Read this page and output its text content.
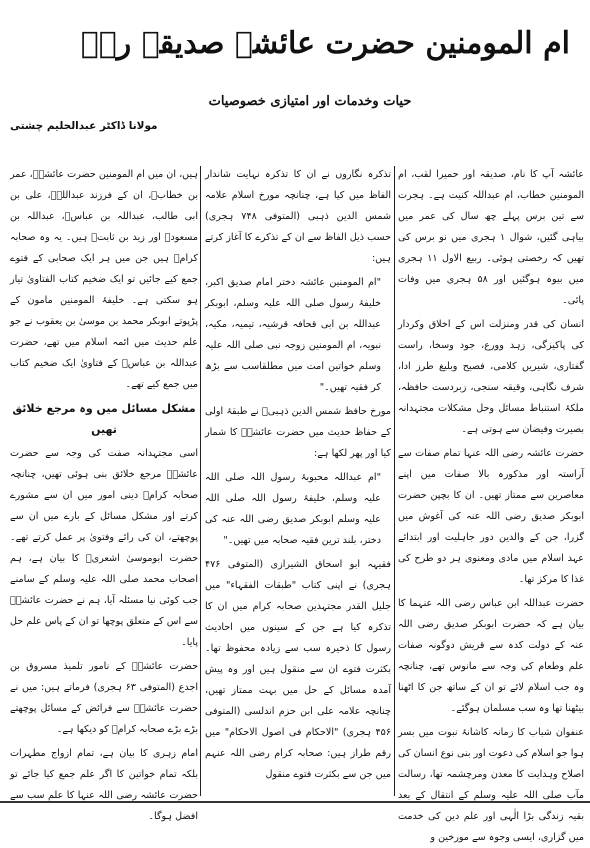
ام المومنین حضرت عائشہ صدیقہ رضؓ
حیات وخدمات اور امتیازی خصوصیات
مولانا ڈاکٹر عبدالحلیم چشتی

عائشہ آپ کا نام، صدیقہ اور حمیرا لقب، ام المومنین خطاب، ام عبداللہ کنیت ہے۔ ہجرت سے تین برس پہلے چھ سال کی عمر میں بیاہی گئیں، شوال ۱ ہجری میں نو برس کی تھیں کہ رخصتی ہوئی۔ ربیع الاول ۱۱ ہجری میں بیوہ ہوگئیں اور ۵۸ ہجری میں وفات پائی۔

انسان کی قدر ومنزلت اس کے اخلاق وکردار کی پاکیزگی، زہد وورع، جود وسخا، راست گفتاری، شیریں کلامی، فصیح وبلیغ طرز ادا، شرف نگاہی، وقیقہ سنجی، زبردست حافظہ، ملکۂ استنباط مسائل وحل مشکلات مجتہدانہ بصیرت وفیضان سے ہوتی ہے۔

حضرت عائشہ رضی اللہ عنہا تمام صفات سے آراستہ اور مذکورہ بالا صفات میں اپنے معاصرین سے ممتاز تھیں۔ ان کا بچپن حضرت ابوبکر صدیق رضی اللہ عنہ کی آغوش میں گزرا، جن کے والدین دور جاہلیت اور ابتدائے عہد اسلام میں مادی ومعنوی ہر دو طرح کی غذا کا مرکز تھا۔

حضرت عبداللہ ابن عباس رضی اللہ عنہما کا بیان ہے کہ حضرت ابوبکر صدیق رضی اللہ عنہ کے دولت کدہ سے قریش دوگونہ صفات علم وطعام کی وجہ سے مانوس تھے، چنانچہ وہ جب اسلام لائے تو ان کے ساتھ جن کا اٹھنا بیٹھنا تھا وہ سب مسلمان ہوگئے۔

عنفوان شباب کا زمانہ کاشانۂ نبوت میں بسر ہوا جو اسلام کی دعوت اور بنی نوع انسان کی اصلاح وہدایت کا معدن ومرچشمہ تھا، رسالت مآب صلی اللہ علیہ وسلم کے انتقال کے بعد بقیہ زندگی بڑا الٰہی اور علم دین کی خدمت میں گزاری، ایسی وجوہ سے مورخین و

تذکرہ نگاروں نے ان کا تذکرہ نہایت شاندار الفاظ میں کیا ہے، چنانچہ مورخ اسلام علامہ شمس الدین ذہبی (المتوفی ۷۴۸ ہجری) حسب ذیل الفاظ سے ان کے تذکرے کا آغاز کرتے ہیں:

"ام المومنین عائشہ دختر امام صدیق اکبر، خلیفۂ رسول صلی اللہ علیہ وسلم، ابوبکر عبداللہ بن ابی قحافہ قرشیہ، تیمیہ، مکیہ، نبویہ، ام المومنین زوجہ نبی صلی اللہ علیہ وسلم خواتین امت میں مطلقاسب سے بڑھ کر فقیہ تھیں۔"

مورخ حافظ شمس الدین ذہبیؒ نے طبقۂ اولی کے حفاظ حدیث میں حضرت عائشہؓ کا شمار کیا اور پھر لکھا ہے:

"ام عبداللہ محبوبۂ رسول اللہ صلی اللہ علیہ وسلم، خلیفۂ رسول اللہ صلی اللہ علیہ وسلم ابوبکر صدیق رضی اللہ عنہ کی دختر، بلند ترین فقیہ صحابہ میں تھیں۔"

فقیہہ ابو اسحاق الشیرازی (المتوفی ۴۷۶ ہجری) نے اپنی کتاب "طبقات الفقہاء" میں جلیل القدر مجتہدین صحابہ کرام میں ان کا تذکرہ کیا ہے جن کے سینوں میں احادیث رسول کا ذخیرہ سب سے زیادہ محفوظ تھا۔ بکثرت فتوے ان سے منقول ہیں اور وہ پیش آمدہ مسائل کے حل میں بہت ممتاز تھیں، چنانچہ علامہ علی ابن حزم اندلسی (المتوفی ۴۵۶ ہجری) "الاحکام فی اصول الاحکام" میں رقم طراز ہیں: صحابہ کرام رضی اللہ عنہم میں جن سے بکثرت فتوے منقول

ہیں، ان میں ام المومنین حضرت عائشہؓ، عمر بن خطابؓ، ان کے فرزند عبداللہؓ، علی بن ابی طالب، عبداللہ بن عباسؓ، عبداللہ بن مسعودؓ اور زید بن ثابتؓ ہیں۔ یہ وہ صحابہ کرامؓ ہیں جن میں ہر ایک صحابی کے فتوے جمع کیے جائیں تو ایک ضخیم کتاب الفتاویٰ تیار ہو سکتی ہے۔ خلیفۂ المومنین مامون کے پڑپوتے ابوبکر محمد بن موسیٰ بن یعقوب نے جو علم حدیث میں ائمہ اسلام میں تھے، حضرت عبداللہ بن عباسؓ کے فتاویٰ ایک ضخیم کتاب میں جمع کیے تھے۔

مشکل مسائل میں وہ مرجع خلائق تھیں

اسی مجتہدانہ صفت کی وجہ سے حضرت عائشہؓ مرجع خلائق بنی ہوئی تھیں، چنانچہ صحابہ کرامؓ دینی امور میں ان سے مشورے کرتے اور مشکل مسائل کے بارے میں ان سے پوچھتے، ان کی رائے وفتویٰ پر عمل کرتے تھے۔ حضرت ابوموسیٰ اشعریؓ کا بیان ہے، ہم اصحاب محمد صلی اللہ علیہ وسلم کے سامنے جب کوئی نیا مسئلہ آیا، ہم نے حضرت عائشہؓ سے اس کے متعلق پوچھا تو ان کے پاس علم حل پایا۔

حضرت عائشہؓ کے نامور تلمیذ مسروق بن اجدع (المتوفی ۶۳ ہجری) فرماتے ہیں: میں نے حضرت عائشہؓ سے فرائض کے مسائل پوچھتے بڑے بڑے صحابہ کرامؓ کو دیکھا ہے۔

امام زہری کا بیان ہے، تمام ازواج مطہرات بلکہ تمام خواتین کا اگر علم جمع کیا جائے تو حضرت عائشہ رضی اللہ عنہا کا علم سب سے افضل ہوگا۔
